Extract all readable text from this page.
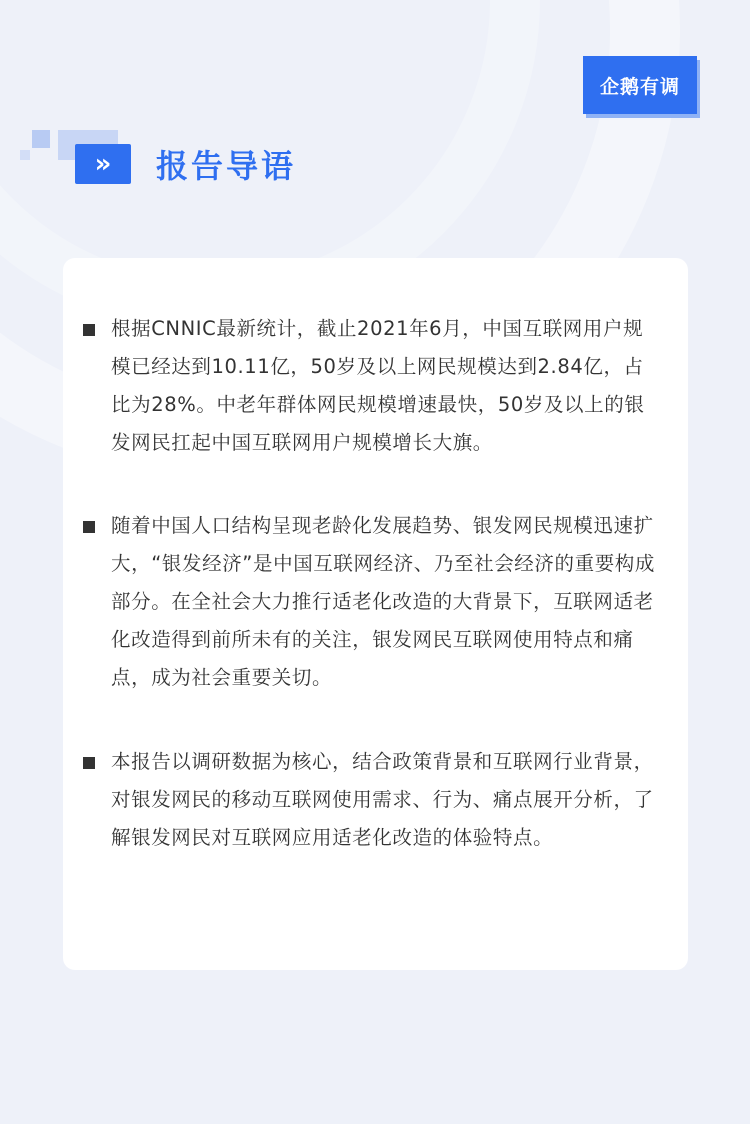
企鹅有调
»	报告导语

根据CNNIC最新统计，截止2021年6月，中国互联网用户规模已经达到10.11亿，50岁及以上网民规模达到2.84亿，占比为28%。中老年群体网民规模增速最快，50岁及以上的银发网民扛起中国互联网用户规模增长大旗。

随着中国人口结构呈现老龄化发展趋势、银发网民规模迅速扩大，“银发经济”是中国互联网经济、乃至社会经济的重要构成部分。在全社会大力推行适老化改造的大背景下，互联网适老化改造得到前所未有的关注，银发网民互联网使用特点和痛点，成为社会重要关切。

本报告以调研数据为核心，结合政策背景和互联网行业背景，对银发网民的移动互联网使用需求、行为、痛点展开分析，了解银发网民对互联网应用适老化改造的体验特点。
